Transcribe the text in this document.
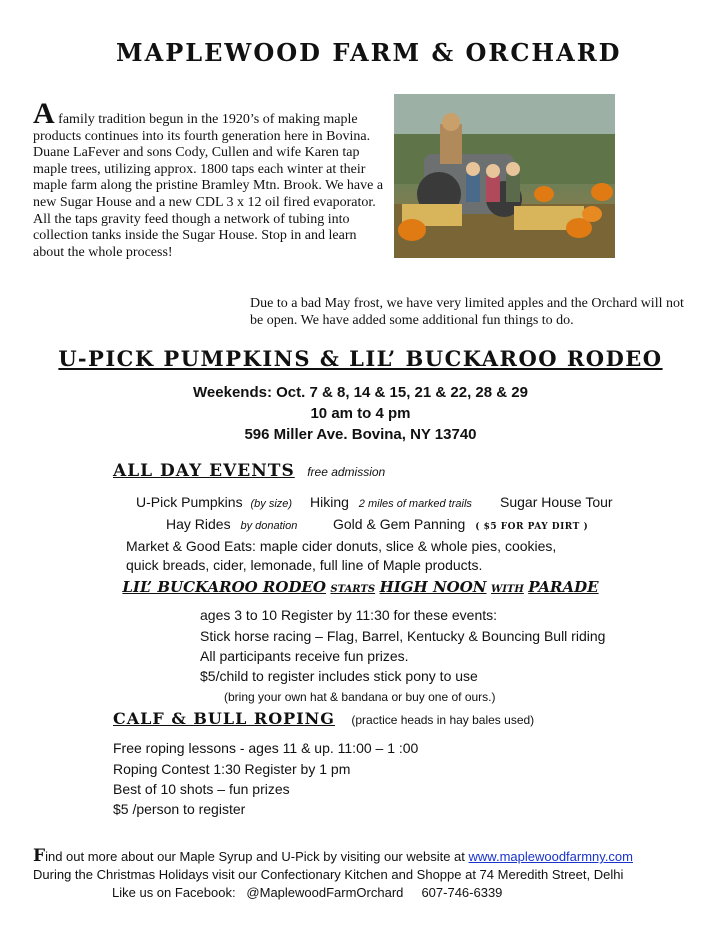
MAPLEWOOD FARM & ORCHARD
A family tradition begun in the 1920’s of making maple products continues into its fourth generation here in Bovina. Duane LaFever and sons Cody, Cullen and wife Karen tap maple trees, utilizing approx. 1800 taps each winter at their maple farm along the pristine Bramley Mtn. Brook. We have a new Sugar House and a new CDL 3 x 12 oil fired evaporator. All the taps gravity feed though a network of tubing into collection tanks inside the Sugar House. Stop in and learn about the whole process!
Due to a bad May frost, we have very limited apples and the Orchard will not be open. We have added some additional fun things to do.
U-PICK PUMPKINS & LIL’ BUCKAROO RODEO
Weekends: Oct. 7 & 8, 14 & 15, 21 & 22, 28 & 29
10 am to 4 pm
596 Miller Ave. Bovina, NY 13740
ALL DAY EVENTS free admission
U-Pick Pumpkins (by size) Hiking 2 miles of marked trails Sugar House Tour
Hay Rides by donation	Gold & Gem Panning ( $5 FOR PAY DIRT )
Market & Good Eats: maple cider donuts, slice & whole pies, cookies,
quick breads, cider, lemonade, full line of Maple products.
LIL’ BUCKAROO RODEO STARTS HIGH NOON WITH PARADE
ages 3 to 10 Register by 11:30 for these events:
Stick horse racing – Flag, Barrel, Kentucky & Bouncing Bull riding
All participants receive fun prizes.
$5/child to register includes stick pony to use
(bring your own hat & bandana or buy one of ours.)
CALF & BULL ROPING (practice heads in hay bales used)
Free roping lessons - ages 11 & up. 11:00 – 1 :00
Roping Contest 1:30 Register by 1 pm
Best of 10 shots – fun prizes
$5 /person to register
Find out more about our Maple Syrup and U-Pick by visiting our website at www.maplewoodfarmny.com
During the Christmas Holidays visit our Confectionary Kitchen and Shoppe at 74 Meredith Street, Delhi
Like us on Facebook:   @MaplewoodFarmOrchard     607-746-6339
